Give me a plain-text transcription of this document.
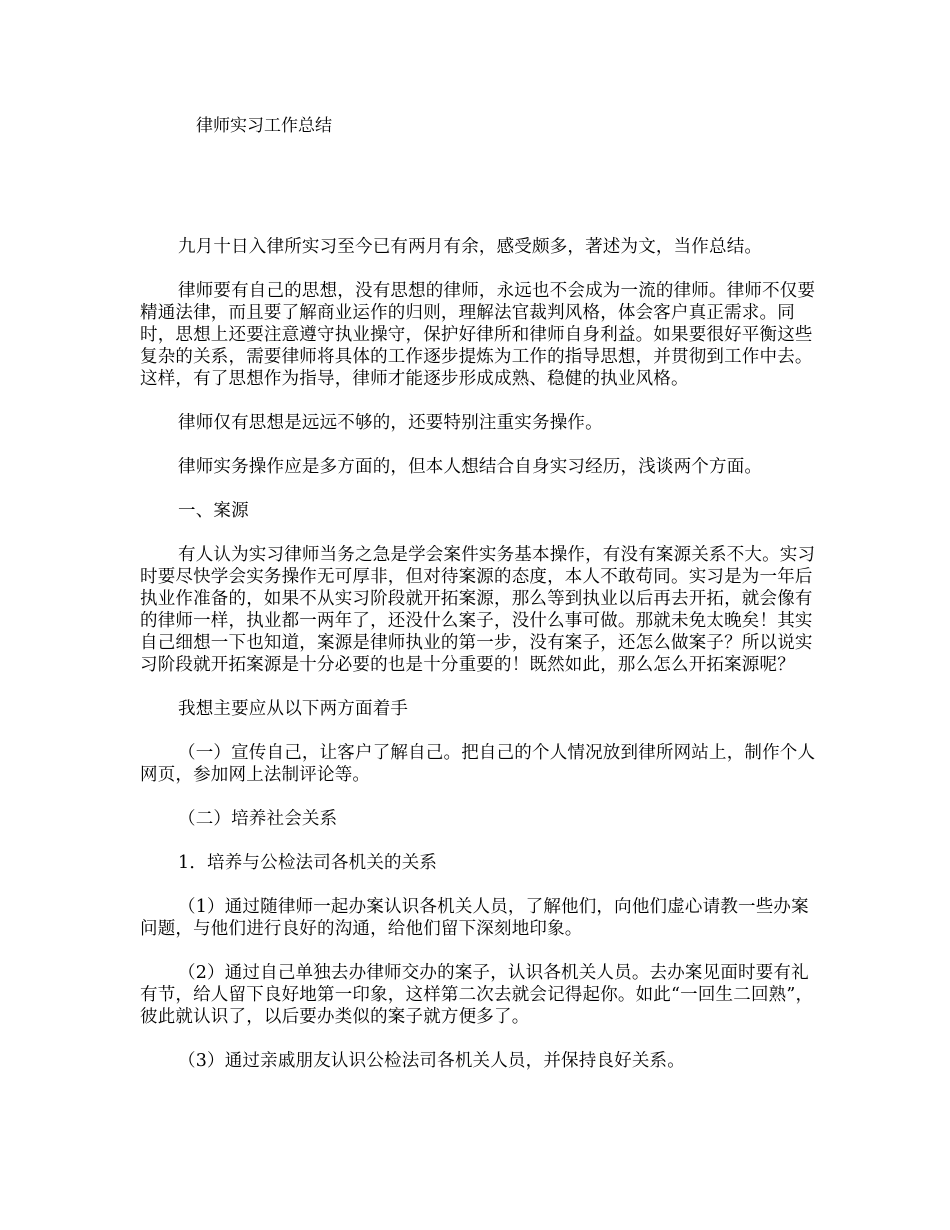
律师实习工作总结

九月十日入律所实习至今已有两月有余，感受颇多，著述为文，当作总结。

律师要有自己的思想，没有思想的律师，永远也不会成为一流的律师。律师不仅要精通法律，而且要了解商业运作的归则，理解法官裁判风格，体会客户真正需求。同时，思想上还要注意遵守执业操守，保护好律所和律师自身利益。如果要很好平衡这些复杂的关系，需要律师将具体的工作逐步提炼为工作的指导思想，并贯彻到工作中去。这样，有了思想作为指导，律师才能逐步形成成熟、稳健的执业风格。

律师仅有思想是远远不够的，还要特别注重实务操作。

律师实务操作应是多方面的，但本人想结合自身实习经历，浅谈两个方面。

一、案源

有人认为实习律师当务之急是学会案件实务基本操作，有没有案源关系不大。实习时要尽快学会实务操作无可厚非，但对待案源的态度，本人不敢苟同。实习是为一年后执业作准备的，如果不从实习阶段就开拓案源，那么等到执业以后再去开拓，就会像有的律师一样，执业都一两年了，还没什么案子，没什么事可做。那就未免太晚矣！其实自己细想一下也知道，案源是律师执业的第一步，没有案子，还怎么做案子？所以说实习阶段就开拓案源是十分必要的也是十分重要的！既然如此，那么怎么开拓案源呢？

我想主要应从以下两方面着手

（一）宣传自己，让客户了解自己。把自己的个人情况放到律所网站上，制作个人网页，参加网上法制评论等。

（二）培养社会关系

1．培养与公检法司各机关的关系

（1）通过随律师一起办案认识各机关人员，了解他们，向他们虚心请教一些办案问题，与他们进行良好的沟通，给他们留下深刻地印象。

（2）通过自己单独去办律师交办的案子，认识各机关人员。去办案见面时要有礼有节，给人留下良好地第一印象，这样第二次去就会记得起你。如此“一回生二回熟”，彼此就认识了，以后要办类似的案子就方便多了。

（3）通过亲戚朋友认识公检法司各机关人员，并保持良好关系。
